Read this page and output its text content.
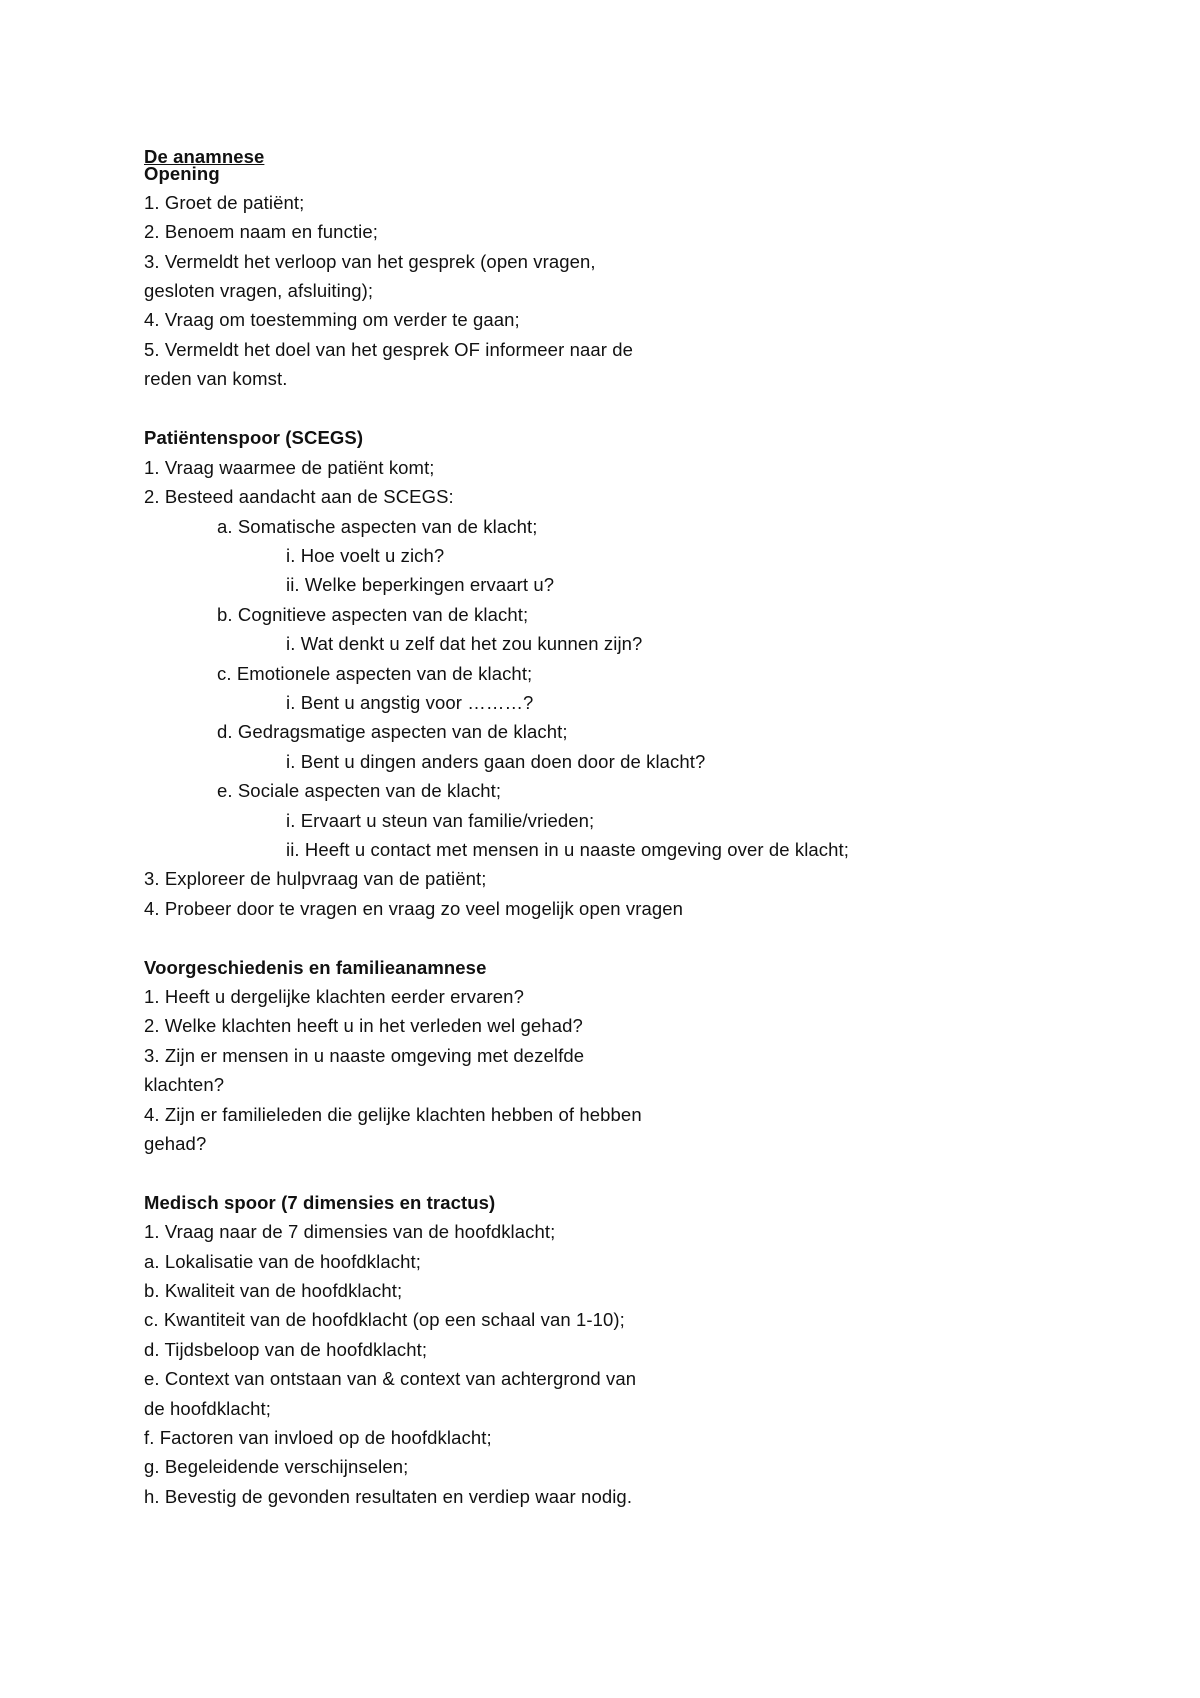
De anamnese
Opening
1. Groet de patiënt;
2. Benoem naam en functie;
3. Vermeldt het verloop van het gesprek (open vragen,
gesloten vragen, afsluiting);
4. Vraag om toestemming om verder te gaan;
5. Vermeldt het doel van het gesprek OF informeer naar de
reden van komst.
Patiëntenspoor (SCEGS)
1. Vraag waarmee de patiënt komt;
2. Besteed aandacht aan de SCEGS:
a. Somatische aspecten van de klacht;
i. Hoe voelt u zich?
ii. Welke beperkingen ervaart u?
b. Cognitieve aspecten van de klacht;
i. Wat denkt u zelf dat het zou kunnen zijn?
c. Emotionele aspecten van de klacht;
i. Bent u angstig voor ………?
d. Gedragsmatige aspecten van de klacht;
i. Bent u dingen anders gaan doen door de klacht?
e. Sociale aspecten van de klacht;
i. Ervaart u steun van familie/vrieden;
ii. Heeft u contact met mensen in u naaste omgeving over de klacht;
3. Exploreer de hulpvraag van de patiënt;
4. Probeer door te vragen en vraag zo veel mogelijk open vragen
Voorgeschiedenis en familieanamnese
1. Heeft u dergelijke klachten eerder ervaren?
2. Welke klachten heeft u in het verleden wel gehad?
3. Zijn er mensen in u naaste omgeving met dezelfde
klachten?
4. Zijn er familieleden die gelijke klachten hebben of hebben
gehad?
Medisch spoor (7 dimensies en tractus)
1. Vraag naar de 7 dimensies van de hoofdklacht;
a. Lokalisatie van de hoofdklacht;
b. Kwaliteit van de hoofdklacht;
c. Kwantiteit van de hoofdklacht (op een schaal van 1-10);
d. Tijdsbeloop van de hoofdklacht;
e. Context van ontstaan van & context van achtergrond van
de hoofdklacht;
f. Factoren van invloed op de hoofdklacht;
g. Begeleidende verschijnselen;
h. Bevestig de gevonden resultaten en verdiep waar nodig.
